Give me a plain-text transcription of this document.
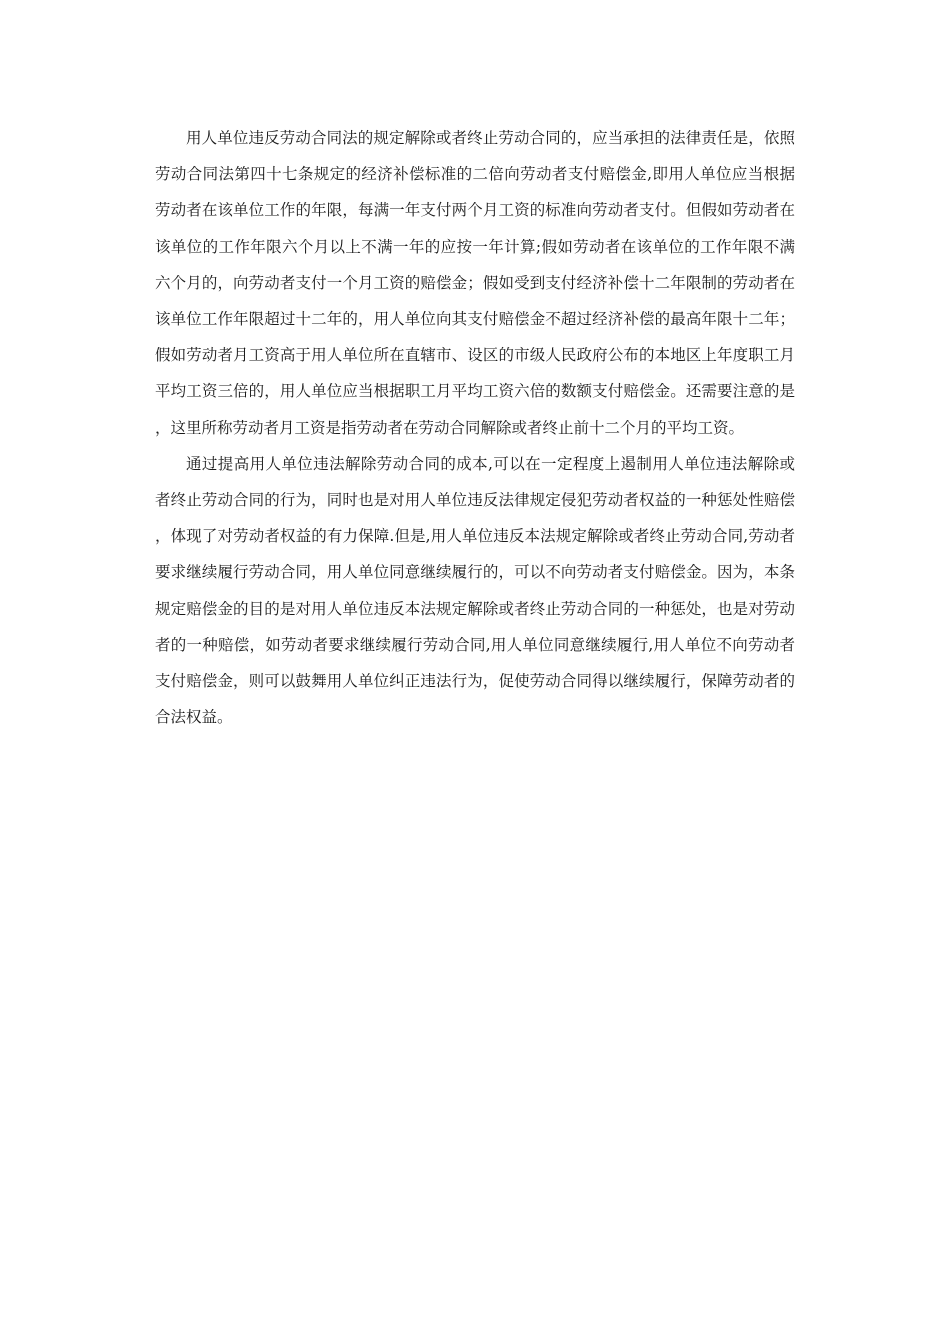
用人单位违反劳动合同法的规定解除或者终止劳动合同的，应当承担的法律责任是，依照劳动合同法第四十七条规定的经济补偿标准的二倍向劳动者支付赔偿金,即用人单位应当根据劳动者在该单位工作的年限，每满一年支付两个月工资的标准向劳动者支付。但假如劳动者在该单位的工作年限六个月以上不满一年的应按一年计算;假如劳动者在该单位的工作年限不满六个月的，向劳动者支付一个月工资的赔偿金；假如受到支付经济补偿十二年限制的劳动者在该单位工作年限超过十二年的，用人单位向其支付赔偿金不超过经济补偿的最高年限十二年；假如劳动者月工资高于用人单位所在直辖市、设区的市级人民政府公布的本地区上年度职工月平均工资三倍的，用人单位应当根据职工月平均工资六倍的数额支付赔偿金。还需要注意的是，这里所称劳动者月工资是指劳动者在劳动合同解除或者终止前十二个月的平均工资。

通过提高用人单位违法解除劳动合同的成本,可以在一定程度上遏制用人单位违法解除或者终止劳动合同的行为，同时也是对用人单位违反法律规定侵犯劳动者权益的一种惩处性赔偿，体现了对劳动者权益的有力保障.但是,用人单位违反本法规定解除或者终止劳动合同,劳动者要求继续履行劳动合同，用人单位同意继续履行的，可以不向劳动者支付赔偿金。因为，本条规定赔偿金的目的是对用人单位违反本法规定解除或者终止劳动合同的一种惩处，也是对劳动者的一种赔偿，如劳动者要求继续履行劳动合同,用人单位同意继续履行,用人单位不向劳动者支付赔偿金，则可以鼓舞用人单位纠正违法行为，促使劳动合同得以继续履行，保障劳动者的合法权益。
